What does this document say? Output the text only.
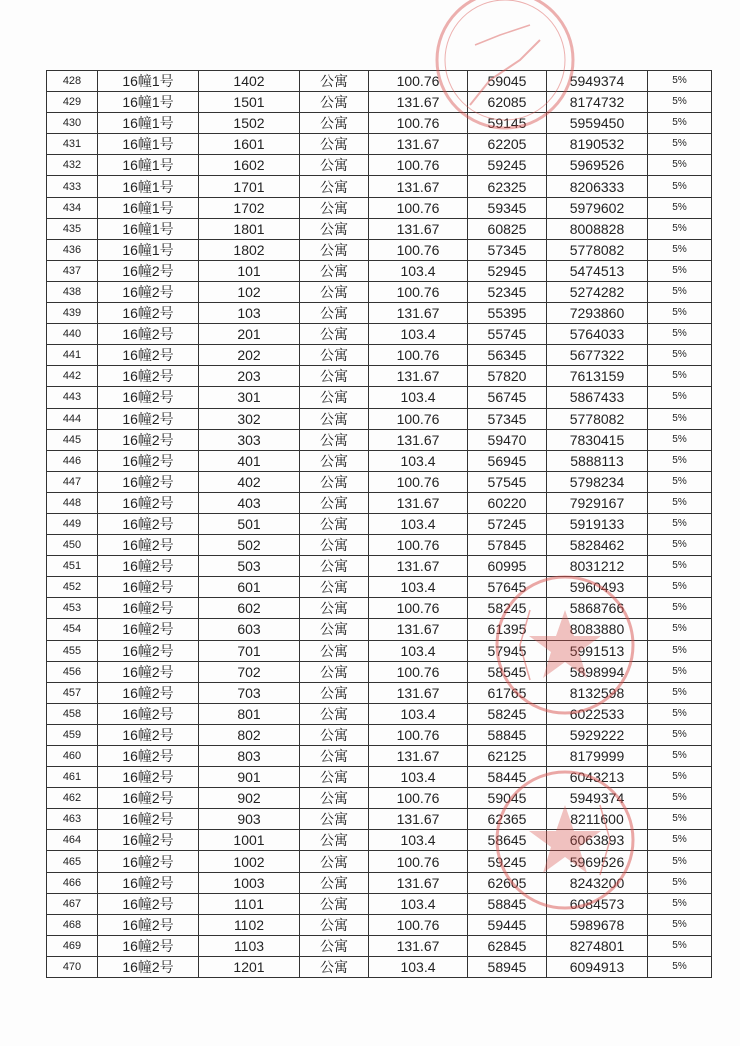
428	16幢1号	1402	公寓	100.76	59045	5949374	5%
429	16幢1号	1501	公寓	131.67	62085	8174732	5%
430	16幢1号	1502	公寓	100.76	59145	5959450	5%
431	16幢1号	1601	公寓	131.67	62205	8190532	5%
432	16幢1号	1602	公寓	100.76	59245	5969526	5%
433	16幢1号	1701	公寓	131.67	62325	8206333	5%
434	16幢1号	1702	公寓	100.76	59345	5979602	5%
435	16幢1号	1801	公寓	131.67	60825	8008828	5%
436	16幢1号	1802	公寓	100.76	57345	5778082	5%
437	16幢2号	101	公寓	103.4	52945	5474513	5%
438	16幢2号	102	公寓	100.76	52345	5274282	5%
439	16幢2号	103	公寓	131.67	55395	7293860	5%
440	16幢2号	201	公寓	103.4	55745	5764033	5%
441	16幢2号	202	公寓	100.76	56345	5677322	5%
442	16幢2号	203	公寓	131.67	57820	7613159	5%
443	16幢2号	301	公寓	103.4	56745	5867433	5%
444	16幢2号	302	公寓	100.76	57345	5778082	5%
445	16幢2号	303	公寓	131.67	59470	7830415	5%
446	16幢2号	401	公寓	103.4	56945	5888113	5%
447	16幢2号	402	公寓	100.76	57545	5798234	5%
448	16幢2号	403	公寓	131.67	60220	7929167	5%
449	16幢2号	501	公寓	103.4	57245	5919133	5%
450	16幢2号	502	公寓	100.76	57845	5828462	5%
451	16幢2号	503	公寓	131.67	60995	8031212	5%
452	16幢2号	601	公寓	103.4	57645	5960493	5%
453	16幢2号	602	公寓	100.76	58245	5868766	5%
454	16幢2号	603	公寓	131.67	61395	8083880	5%
455	16幢2号	701	公寓	103.4	57945	5991513	5%
456	16幢2号	702	公寓	100.76	58545	5898994	5%
457	16幢2号	703	公寓	131.67	61765	8132598	5%
458	16幢2号	801	公寓	103.4	58245	6022533	5%
459	16幢2号	802	公寓	100.76	58845	5929222	5%
460	16幢2号	803	公寓	131.67	62125	8179999	5%
461	16幢2号	901	公寓	103.4	58445	6043213	5%
462	16幢2号	902	公寓	100.76	59045	5949374	5%
463	16幢2号	903	公寓	131.67	62365	8211600	5%
464	16幢2号	1001	公寓	103.4	58645	6063893	5%
465	16幢2号	1002	公寓	100.76	59245	5969526	5%
466	16幢2号	1003	公寓	131.67	62605	8243200	5%
467	16幢2号	1101	公寓	103.4	58845	6084573	5%
468	16幢2号	1102	公寓	100.76	59445	5989678	5%
469	16幢2号	1103	公寓	131.67	62845	8274801	5%
470	16幢2号	1201	公寓	103.4	58945	6094913	5%
